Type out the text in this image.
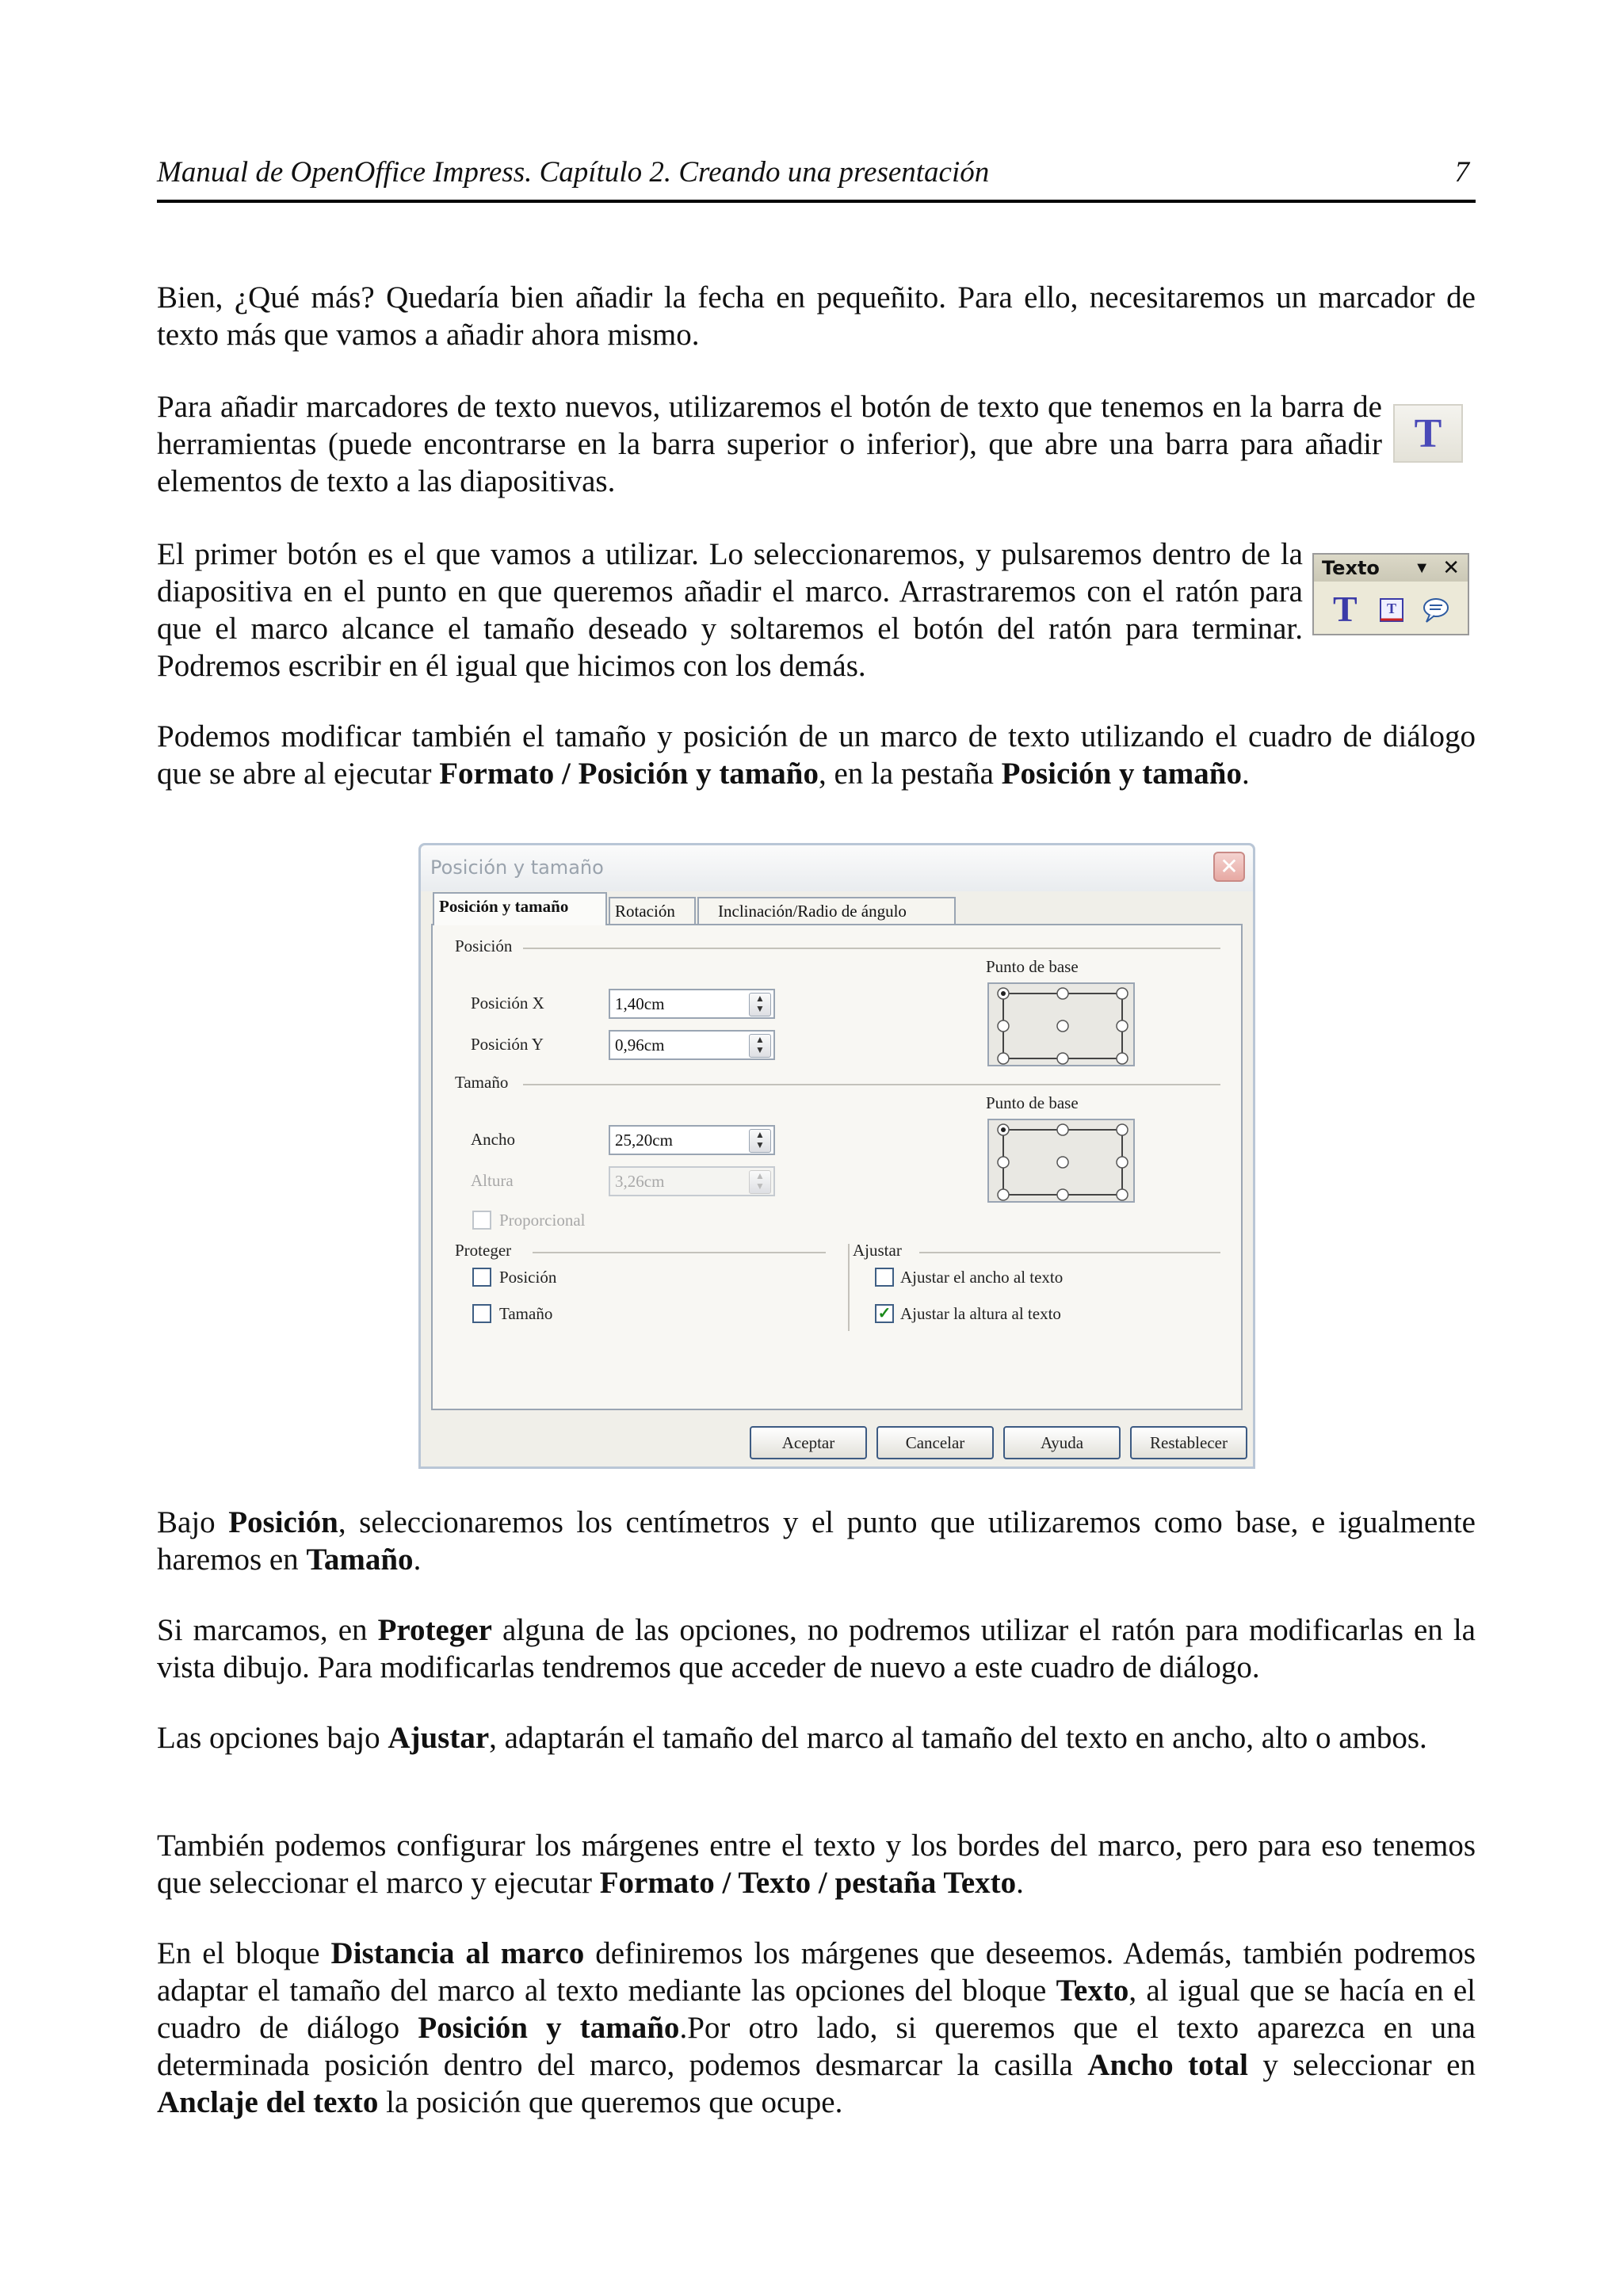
Manual de OpenOffice Impress. Capítulo 2. Creando una presentación	7

Bien, ¿Qué más? Quedaría bien añadir la fecha en pequeñito. Para ello, necesitaremos un marcador de texto más que vamos a añadir ahora mismo.

Para añadir marcadores de texto nuevos, utilizaremos el botón de texto que tenemos en la barra de herramientas (puede encontrarse en la barra superior o inferior), que abre una barra para añadir elementos de texto a las diapositivas.

T

El primer botón es el que vamos a utilizar. Lo seleccionaremos, y pulsaremos dentro de la diapositiva en el punto en que queremos añadir el marco. Arrastraremos con el ratón para que el marco alcance el tamaño deseado y soltaremos el botón del ratón para terminar. Podremos escribir en él igual que hicimos con los demás.

Texto	▼ ✕
T T

Podemos modificar también el tamaño y posición de un marco de texto utilizando el cuadro de diálogo que se abre al ejecutar Formato / Posición y tamaño, en la pestaña Posición y tamaño.

Posición y tamaño	✕
Posición y tamaño	Rotación	Inclinación/Radio de ángulo
Posición
Punto de base
Posición X	1,40cm	▲
▼
Posición Y	0,96cm	▲
▼
Tamaño
Punto de base
Ancho	25,20cm	▲
▼
Altura	3,26cm	▲
▼
Proporcional
Proteger
Posición
Tamaño
Ajustar
Ajustar el ancho al texto
✓ Ajustar la altura al texto
Aceptar	Cancelar	Ayuda	Restablecer

Bajo Posición, seleccionaremos los centímetros y el punto que utilizaremos como base, e igualmente haremos en Tamaño.

Si marcamos, en Proteger alguna de las opciones, no podremos utilizar el ratón para modificarlas en la vista dibujo. Para modificarlas tendremos que acceder de nuevo a este cuadro de diálogo.

Las opciones bajo Ajustar, adaptarán el tamaño del marco al tamaño del texto en ancho, alto o ambos.

También podemos configurar los márgenes entre el texto y los bordes del marco, pero para eso tenemos que seleccionar el marco y ejecutar Formato / Texto / pestaña Texto.

En el bloque Distancia al marco definiremos los márgenes que deseemos. Además, también podremos adaptar el tamaño del marco al texto mediante las opciones del bloque Texto, al igual que se hacía en el cuadro de diálogo Posición y tamaño.Por otro lado, si queremos que el texto aparezca en una determinada posición dentro del marco, podemos desmarcar la casilla Ancho total y seleccionar en Anclaje del texto la posición que queremos que ocupe.
